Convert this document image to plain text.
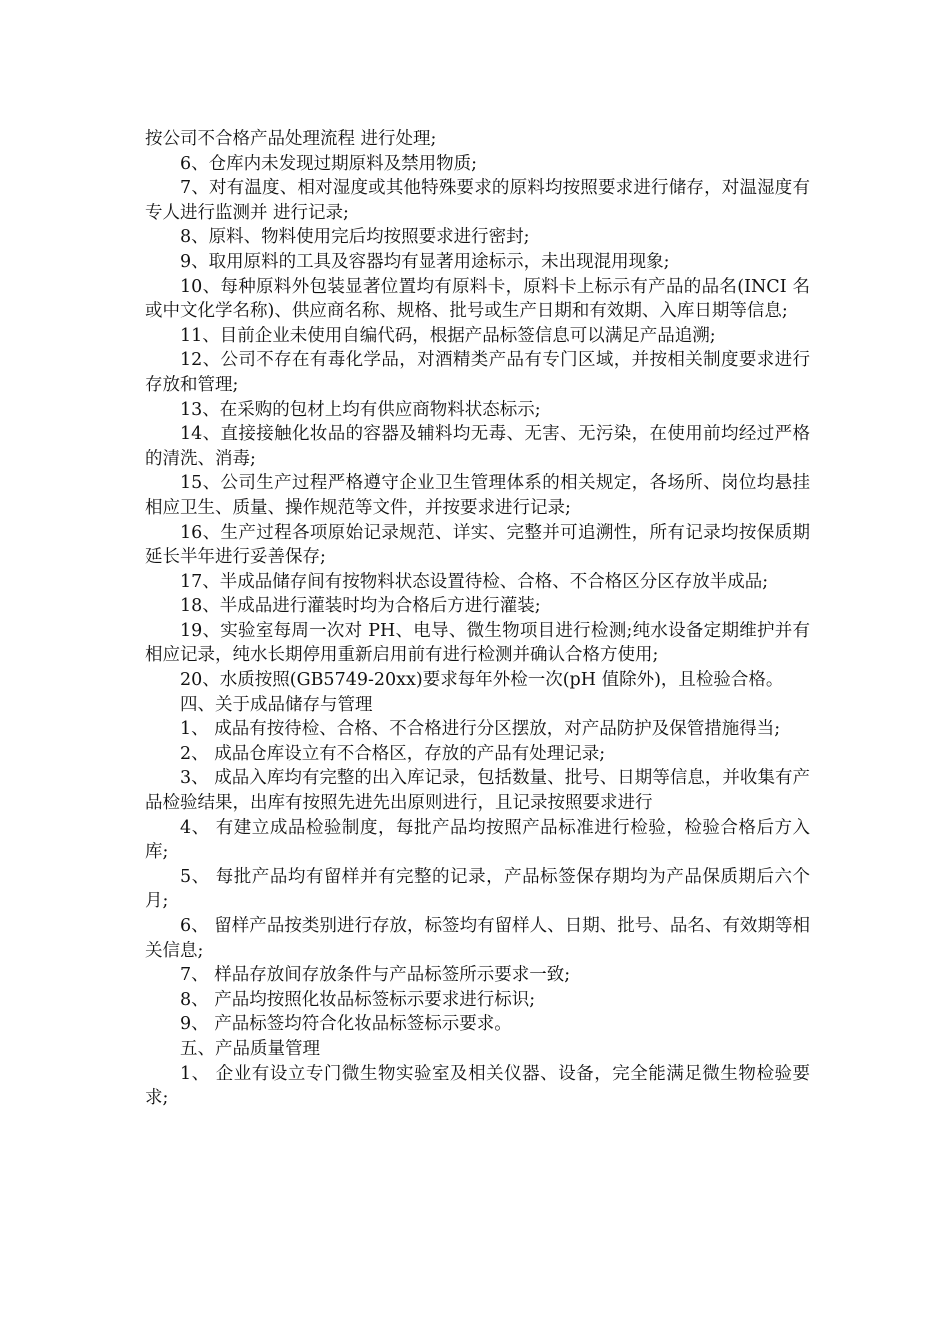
按公司不合格产品处理流程 进行处理;

6、仓库内未发现过期原料及禁用物质;

7、对有温度、相对湿度或其他特殊要求的原料均按照要求进行储存，对温湿度有专人进行监测并 进行记录;

8、原料、物料使用完后均按照要求进行密封;

9、取用原料的工具及容器均有显著用途标示，未出现混用现象;

10、每种原料外包装显著位置均有原料卡，原料卡上标示有产品的品名(INCI 名或中文化学名称)、供应商名称、规格、批号或生产日期和有效期、入库日期等信息;

11、目前企业未使用自编代码，根据产品标签信息可以满足产品追溯;

12、公司不存在有毒化学品，对酒精类产品有专门区域，并按相关制度要求进行存放和管理;

13、在采购的包材上均有供应商物料状态标示;

14、直接接触化妆品的容器及辅料均无毒、无害、无污染，在使用前均经过严格的清洗、消毒;

15、公司生产过程严格遵守企业卫生管理体系的相关规定，各场所、岗位均悬挂相应卫生、质量、操作规范等文件，并按要求进行记录;

16、生产过程各项原始记录规范、详实、完整并可追溯性，所有记录均按保质期延长半年进行妥善保存;

17、半成品储存间有按物料状态设置待检、合格、不合格区分区存放半成品;

18、半成品进行灌装时均为合格后方进行灌装;

19、实验室每周一次对 PH、电导、微生物项目进行检测;纯水设备定期维护并有相应记录，纯水长期停用重新启用前有进行检测并确认合格方使用;

20、水质按照(GB5749-20xx)要求每年外检一次(pH 值除外)，且检验合格。

四、关于成品储存与管理

1、 成品有按待检、合格、不合格进行分区摆放，对产品防护及保管措施得当;

2、 成品仓库设立有不合格区，存放的产品有处理记录;

3、 成品入库均有完整的出入库记录，包括数量、批号、日期等信息，并收集有产品检验结果，出库有按照先进先出原则进行，且记录按照要求进行

4、 有建立成品检验制度，每批产品均按照产品标准进行检验，检验合格后方入库;

5、 每批产品均有留样并有完整的记录，产品标签保存期均为产品保质期后六个月;

6、 留样产品按类别进行存放，标签均有留样人、日期、批号、品名、有效期等相关信息;

7、 样品存放间存放条件与产品标签所示要求一致;

8、 产品均按照化妆品标签标示要求进行标识;

9、 产品标签均符合化妆品标签标示要求。

五、产品质量管理

1、 企业有设立专门微生物实验室及相关仪器、设备，完全能满足微生物检验要求;
